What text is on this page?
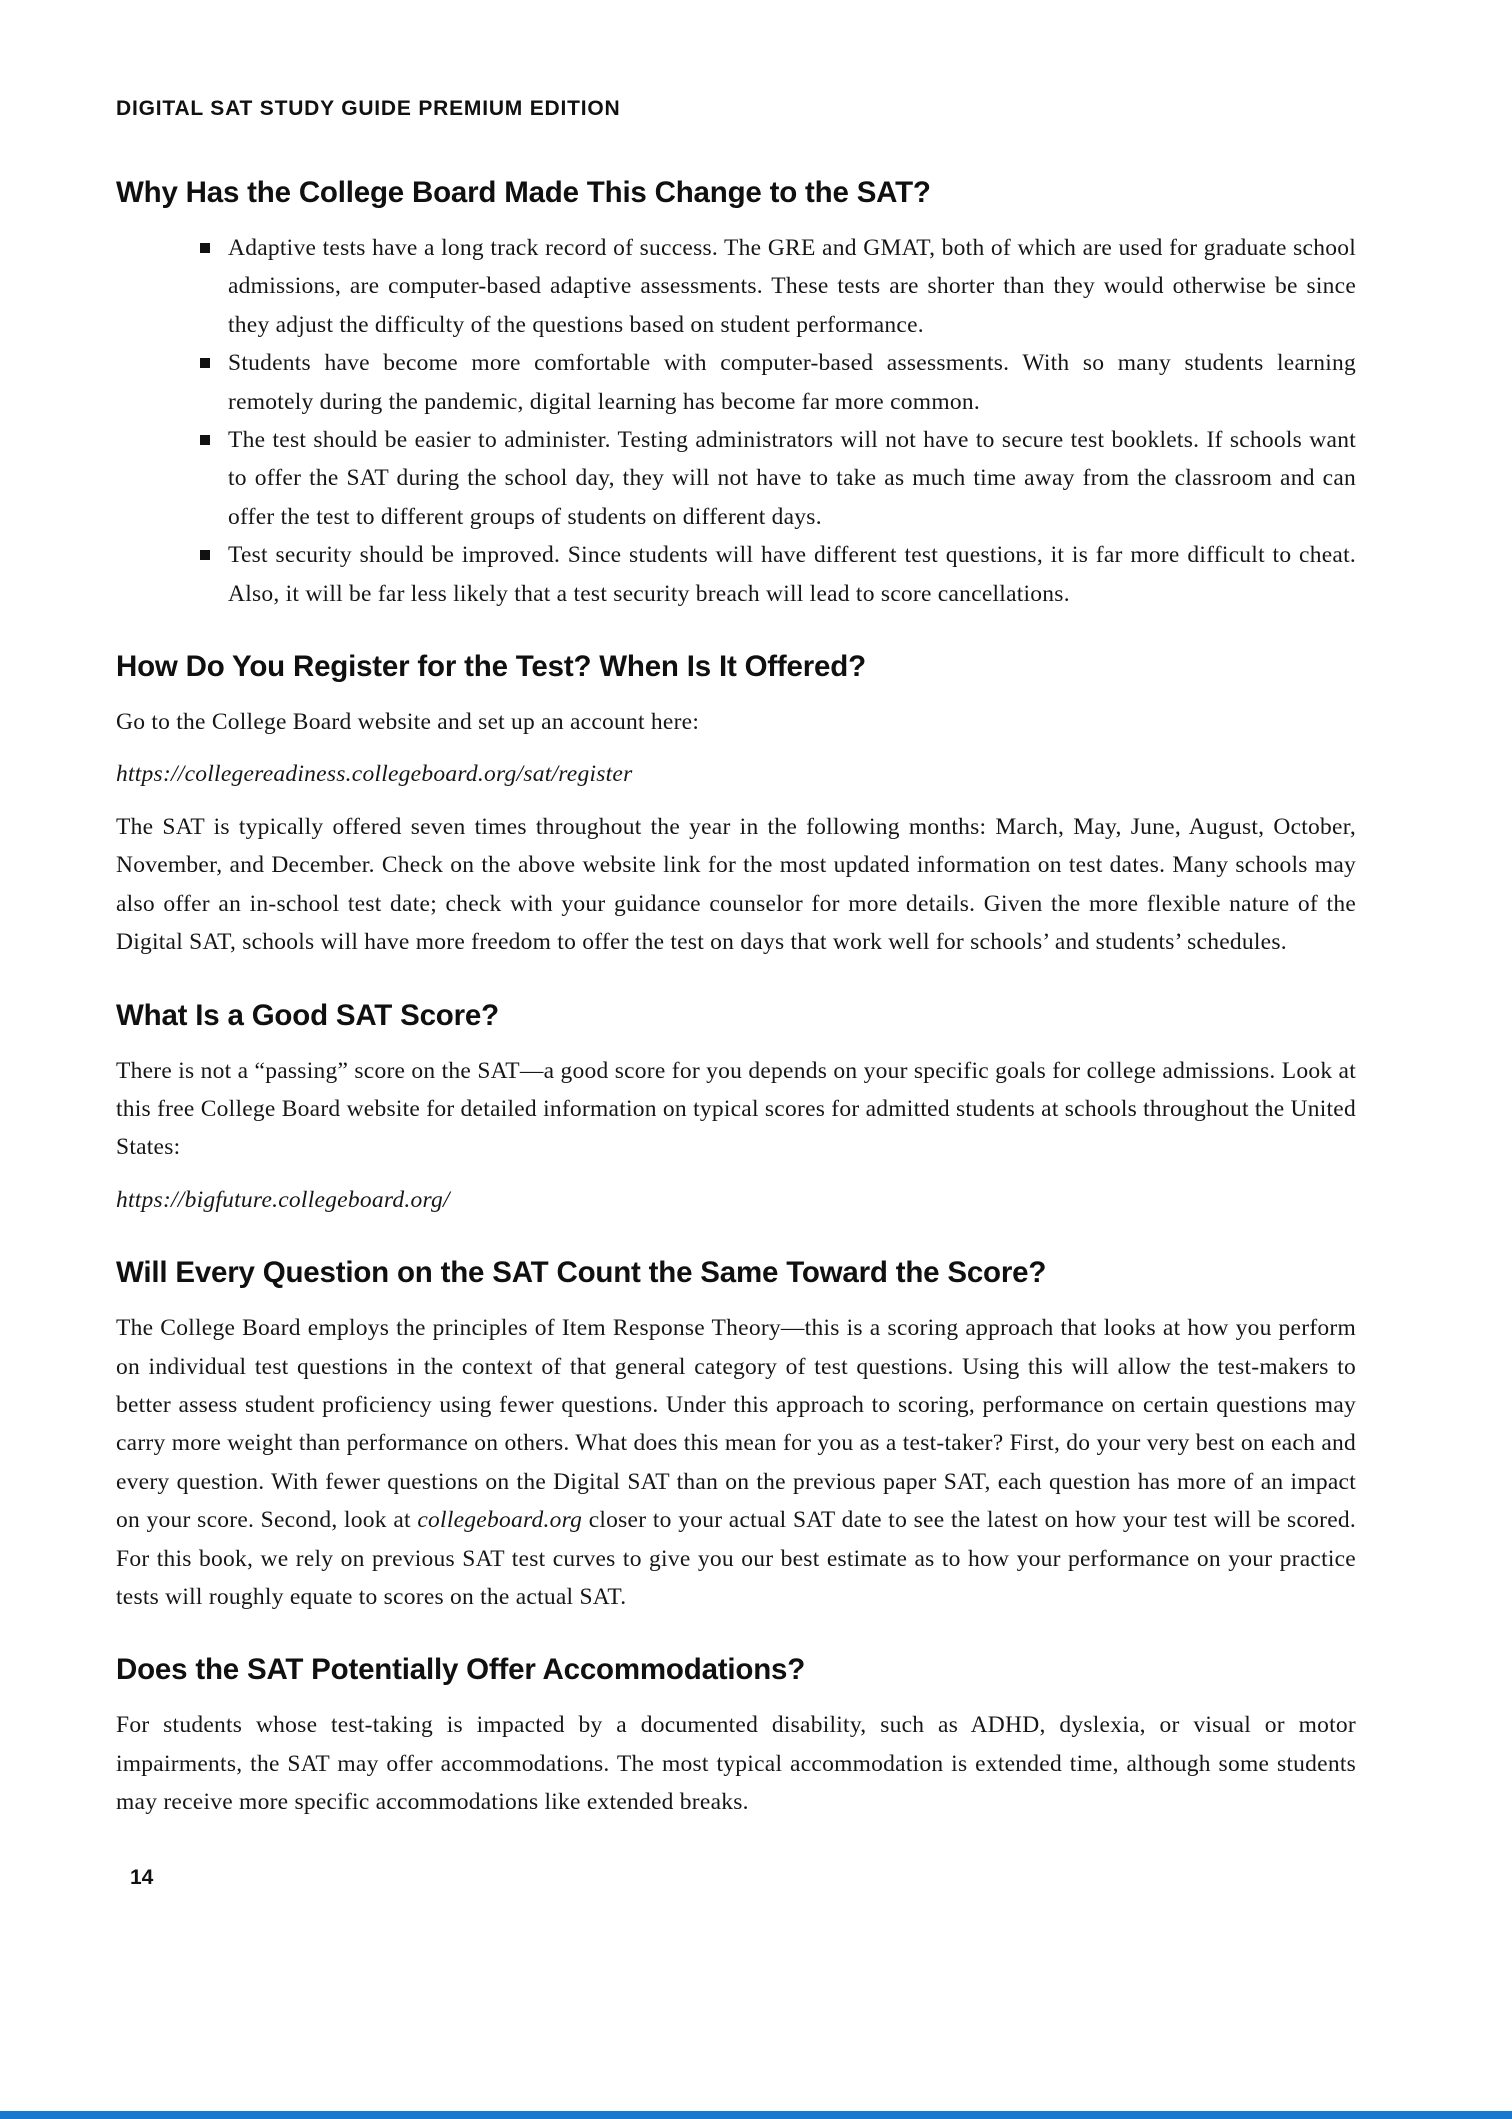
DIGITAL SAT STUDY GUIDE PREMIUM EDITION
Why Has the College Board Made This Change to the SAT?
Adaptive tests have a long track record of success. The GRE and GMAT, both of which are used for graduate school admissions, are computer-based adaptive assessments. These tests are shorter than they would otherwise be since they adjust the difficulty of the questions based on student performance.
Students have become more comfortable with computer-based assessments. With so many students learning remotely during the pandemic, digital learning has become far more common.
The test should be easier to administer. Testing administrators will not have to secure test booklets. If schools want to offer the SAT during the school day, they will not have to take as much time away from the classroom and can offer the test to different groups of students on different days.
Test security should be improved. Since students will have different test questions, it is far more difficult to cheat. Also, it will be far less likely that a test security breach will lead to score cancellations.
How Do You Register for the Test? When Is It Offered?

Go to the College Board website and set up an account here:

https://collegereadiness.collegeboard.org/sat/register

The SAT is typically offered seven times throughout the year in the following months: March, May, June, August, October, November, and December. Check on the above website link for the most updated information on test dates. Many schools may also offer an in-school test date; check with your guidance counselor for more details. Given the more flexible nature of the Digital SAT, schools will have more freedom to offer the test on days that work well for schools’ and students’ schedules.

What Is a Good SAT Score?

There is not a “passing” score on the SAT—a good score for you depends on your specific goals for college admissions. Look at this free College Board website for detailed information on typical scores for admitted students at schools throughout the United States:

https://bigfuture.collegeboard.org/

Will Every Question on the SAT Count the Same Toward the Score?

The College Board employs the principles of Item Response Theory—this is a scoring approach that looks at how you perform on individual test questions in the context of that general category of test questions. Using this will allow the test-makers to better assess student proficiency using fewer questions. Under this approach to scoring, performance on certain questions may carry more weight than performance on others. What does this mean for you as a test-taker? First, do your very best on each and every question. With fewer questions on the Digital SAT than on the previous paper SAT, each question has more of an impact on your score. Second, look at collegeboard.org closer to your actual SAT date to see the latest on how your test will be scored. For this book, we rely on previous SAT test curves to give you our best estimate as to how your performance on your practice tests will roughly equate to scores on the actual SAT.

Does the SAT Potentially Offer Accommodations?

For students whose test-taking is impacted by a documented disability, such as ADHD, dyslexia, or visual or motor impairments, the SAT may offer accommodations. The most typical accommodation is extended time, although some students may receive more specific accommodations like extended breaks.

14
